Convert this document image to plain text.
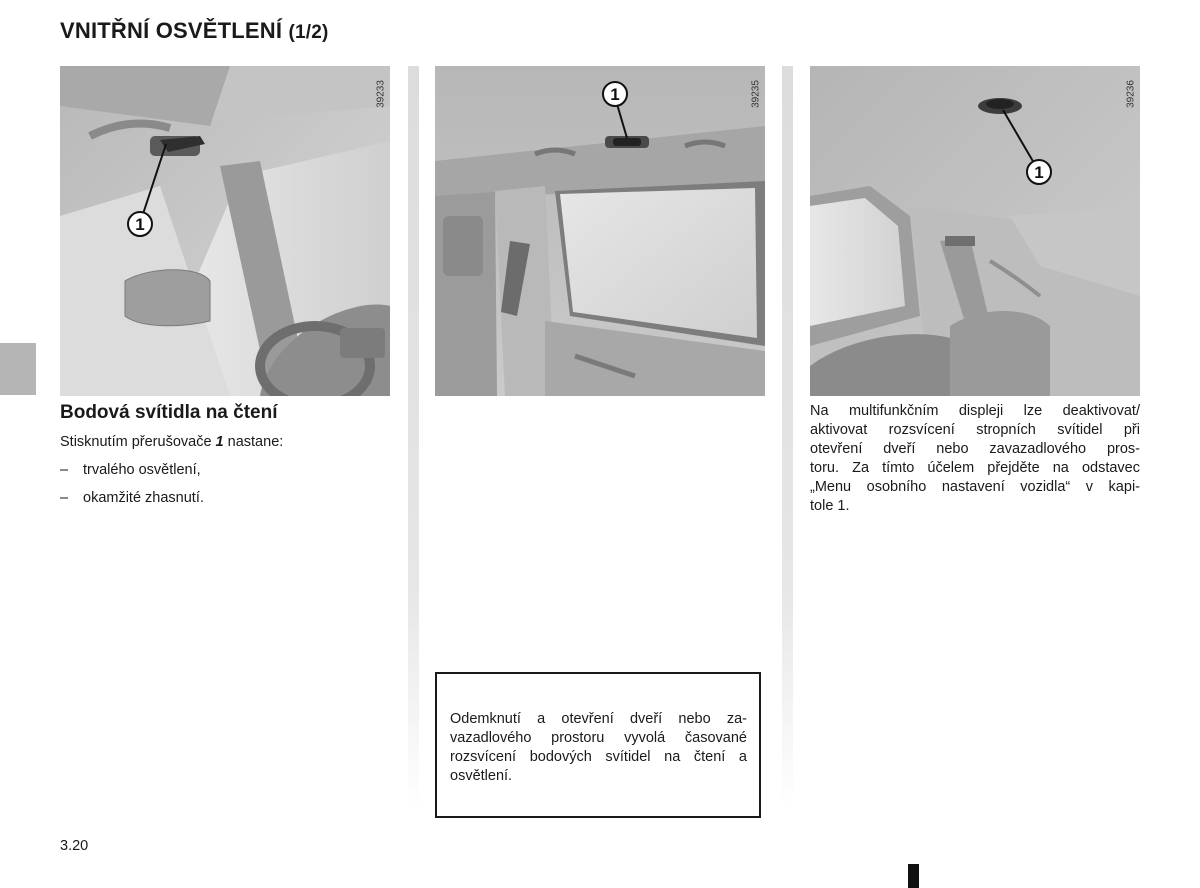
VNITŘNÍ OSVĚTLENÍ (1/2)
1
39233	1	39235
1
39236
Bodová svítidla na čtení
Stisknutím přerušovače 1 nastane:
– trvalého osvětlení,
– okamžité zhasnutí.
Odemknutí a otevření dveří nebo za-
vazadlového prostoru vyvolá časované
rozsvícení bodových svítidel na čtení a
osvětlení.
Na multifunkčním displeji lze deaktivovat/
aktivovat rozsvícení stropních svítidel při
otevření dveří nebo zavazadlového pros-
toru. Za tímto účelem přejděte na odstavec
„Menu osobního nastavení vozidla“ v kapi-
tole 1.
3.20
